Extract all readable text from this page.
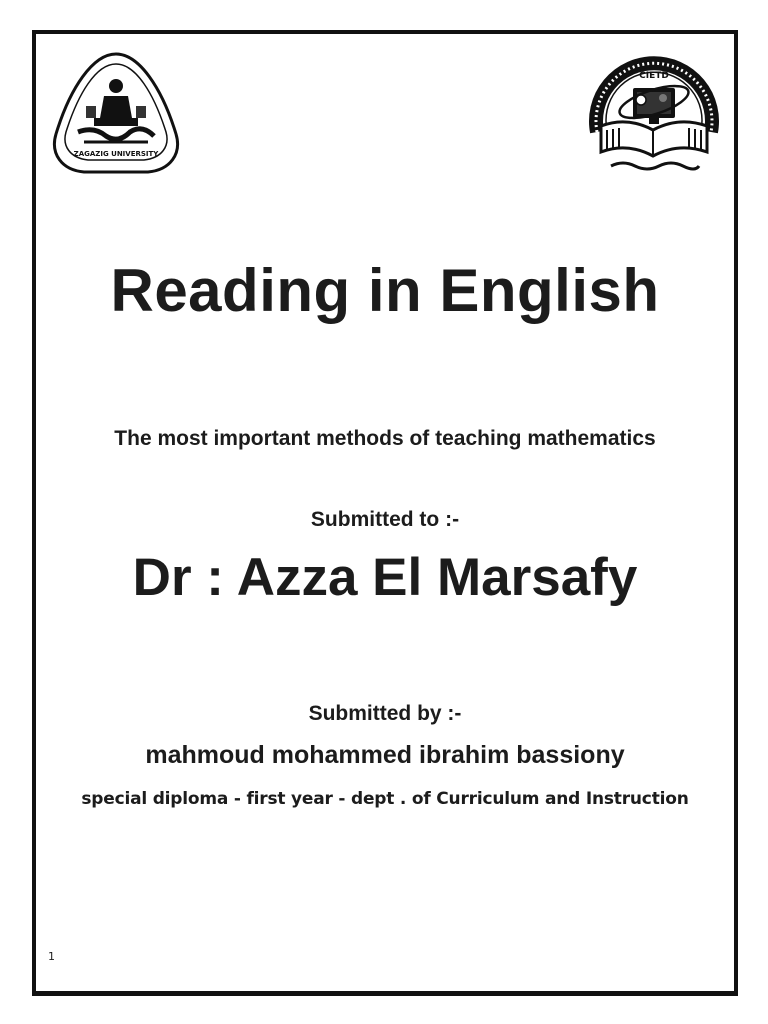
ZAGAZIG UNIVERSITY
CIETD
Reading in English
The most important methods of teaching mathematics
Submitted to :-
Dr : Azza El Marsafy
Submitted by :-
mahmoud mohammed ibrahim bassiony
special diploma - first year - dept . of Curriculum and Instruction
1
